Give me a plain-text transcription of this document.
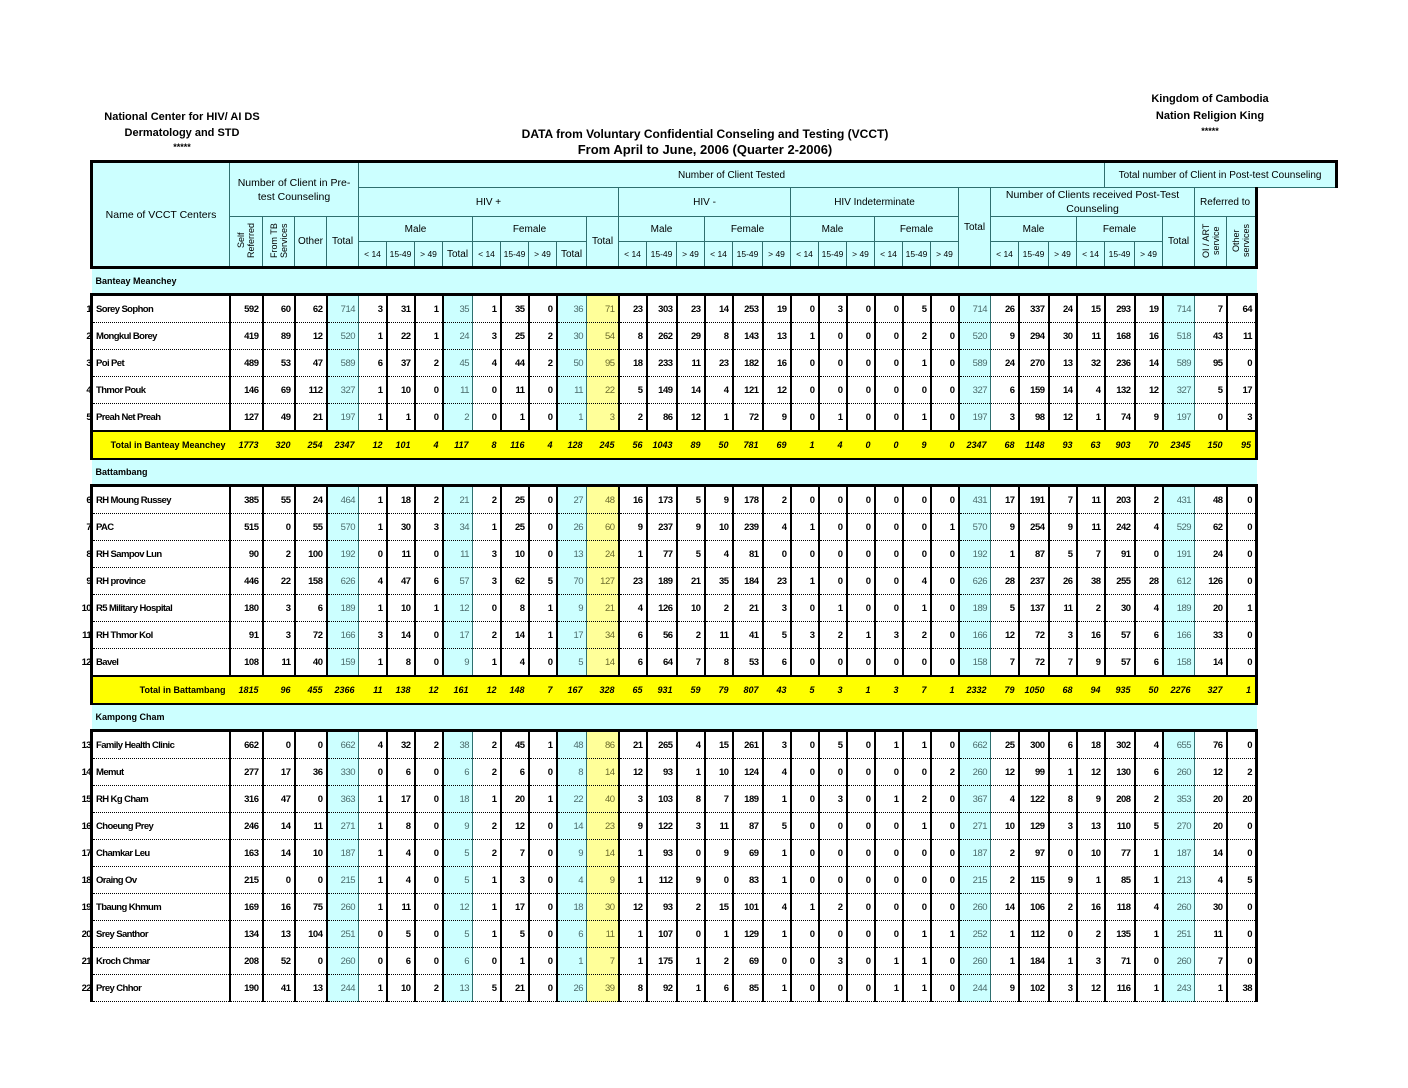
National Center for HIV/ AI DS
Dermatology and STD
*****
DATA from Voluntary Confidential Conseling and Testing (VCCT)
From April to June, 2006 (Quarter 2-2006)
Kingdom of Cambodia
Nation Religion King
*****
Name of VCCT Centers	Number of Client in Pre-test Counseling				Number of Client Tested																										Total number of Client in Post-test Counseling				
					HIV +									HIV -						HIV Indeterminate						Total	Number of Clients received Post-Test Counseling							Referred to	
	Self Referred	From TB Services	Other	Total	Male				Female				Total	Male			Female			Male			Female				Male			Female			Total	OI / ART service	Other services
					< 14	15-49	> 49	Total	< 14	15-49	> 49	Total		< 14	15-49	> 49	< 14	15-49	> 49	< 14	15-49	> 49	< 14	15-49	> 49		< 14	15-49	> 49	< 14	15-49	> 49			
Banteay Meanchey																																			

1 Sorey Sophon	592	60	62	714	3	31	1	35	1	35	0	36	71	23	303	23	14	253	19	0	3	0	0	5	0	714	26	337	24	15	293	19	714	7	64

2 Mongkul Borey	419	89	12	520	1	22	1	24	3	25	2	30	54	8	262	29	8	143	13	1	0	0	0	2	0	520	9	294	30	11	168	16	518	43	11

3 Poi Pet	489	53	47	589	6	37	2	45	4	44	2	50	95	18	233	11	23	182	16	0	0	0	0	1	0	589	24	270	13	32	236	14	589	95	0

4 Thmor Pouk	146	69	112	327	1	10	0	11	0	11	0	11	22	5	149	14	4	121	12	0	0	0	0	0	0	327	6	159	14	4	132	12	327	5	17

5 Preah Net Preah	127	49	21	197	1	1	0	2	0	1	0	1	3	2	86	12	1	72	9	0	1	0	0	1	0	197	3	98	12	1	74	9	197	0	3
Total in Banteay Meanchey	1773	320	254	2347	12	101	4	117	8	116	4	128	245	56	1043	89	50	781	69	1	4	0	0	9	0	2347	68	1148	93	63	903	70	2345	150	95
Battambang																																			

6 RH Moung Russey	385	55	24	464	1	18	2	21	2	25	0	27	48	16	173	5	9	178	2	0	0	0	0	0	0	431	17	191	7	11	203	2	431	48	0

7 PAC	515	0	55	570	1	30	3	34	1	25	0	26	60	9	237	9	10	239	4	1	0	0	0	0	1	570	9	254	9	11	242	4	529	62	0

8 RH Sampov Lun	90	2	100	192	0	11	0	11	3	10	0	13	24	1	77	5	4	81	0	0	0	0	0	0	0	192	1	87	5	7	91	0	191	24	0

9 RH province	446	22	158	626	4	47	6	57	3	62	5	70	127	23	189	21	35	184	23	1	0	0	0	4	0	626	28	237	26	38	255	28	612	126	0

10 R5 Military Hospital	180	3	6	189	1	10	1	12	0	8	1	9	21	4	126	10	2	21	3	0	1	0	0	1	0	189	5	137	11	2	30	4	189	20	1

11 RH Thmor Kol	91	3	72	166	3	14	0	17	2	14	1	17	34	6	56	2	11	41	5	3	2	1	3	2	0	166	12	72	3	16	57	6	166	33	0

12 Bavel	108	11	40	159	1	8	0	9	1	4	0	5	14	6	64	7	8	53	6	0	0	0	0	0	0	158	7	72	7	9	57	6	158	14	0
Total in Battambang	1815	96	455	2366	11	138	12	161	12	148	7	167	328	65	931	59	79	807	43	5	3	1	3	7	1	2332	79	1050	68	94	935	50	2276	327	1
Kampong Cham																																			

13 Family Health Clinic	662	0	0	662	4	32	2	38	2	45	1	48	86	21	265	4	15	261	3	0	5	0	1	1	0	662	25	300	6	18	302	4	655	76	0

14 Memut	277	17	36	330	0	6	0	6	2	6	0	8	14	12	93	1	10	124	4	0	0	0	0	0	2	260	12	99	1	12	130	6	260	12	2

15 RH Kg Cham	316	47	0	363	1	17	0	18	1	20	1	22	40	3	103	8	7	189	1	0	3	0	1	2	0	367	4	122	8	9	208	2	353	20	20

16 Choeung Prey	246	14	11	271	1	8	0	9	2	12	0	14	23	9	122	3	11	87	5	0	0	0	0	1	0	271	10	129	3	13	110	5	270	20	0

17 Chamkar Leu	163	14	10	187	1	4	0	5	2	7	0	9	14	1	93	0	9	69	1	0	0	0	0	0	0	187	2	97	0	10	77	1	187	14	0

18 Oraing Ov	215	0	0	215	1	4	0	5	1	3	0	4	9	1	112	9	0	83	1	0	0	0	0	0	0	215	2	115	9	1	85	1	213	4	5

19 Tbaung Khmum	169	16	75	260	1	11	0	12	1	17	0	18	30	12	93	2	15	101	4	1	2	0	0	0	0	260	14	106	2	16	118	4	260	30	0

20 Srey Santhor	134	13	104	251	0	5	0	5	1	5	0	6	11	1	107	0	1	129	1	0	0	0	0	1	1	252	1	112	0	2	135	1	251	11	0

21 Kroch Chmar	208	52	0	260	0	6	0	6	0	1	0	1	7	1	175	1	2	69	0	0	3	0	1	1	0	260	1	184	1	3	71	0	260	7	0

22 Prey Chhor	190	41	13	244	1	10	2	13	5	21	0	26	39	8	92	1	6	85	1	0	0	0	1	1	0	244	9	102	3	12	116	1	243	1	38
